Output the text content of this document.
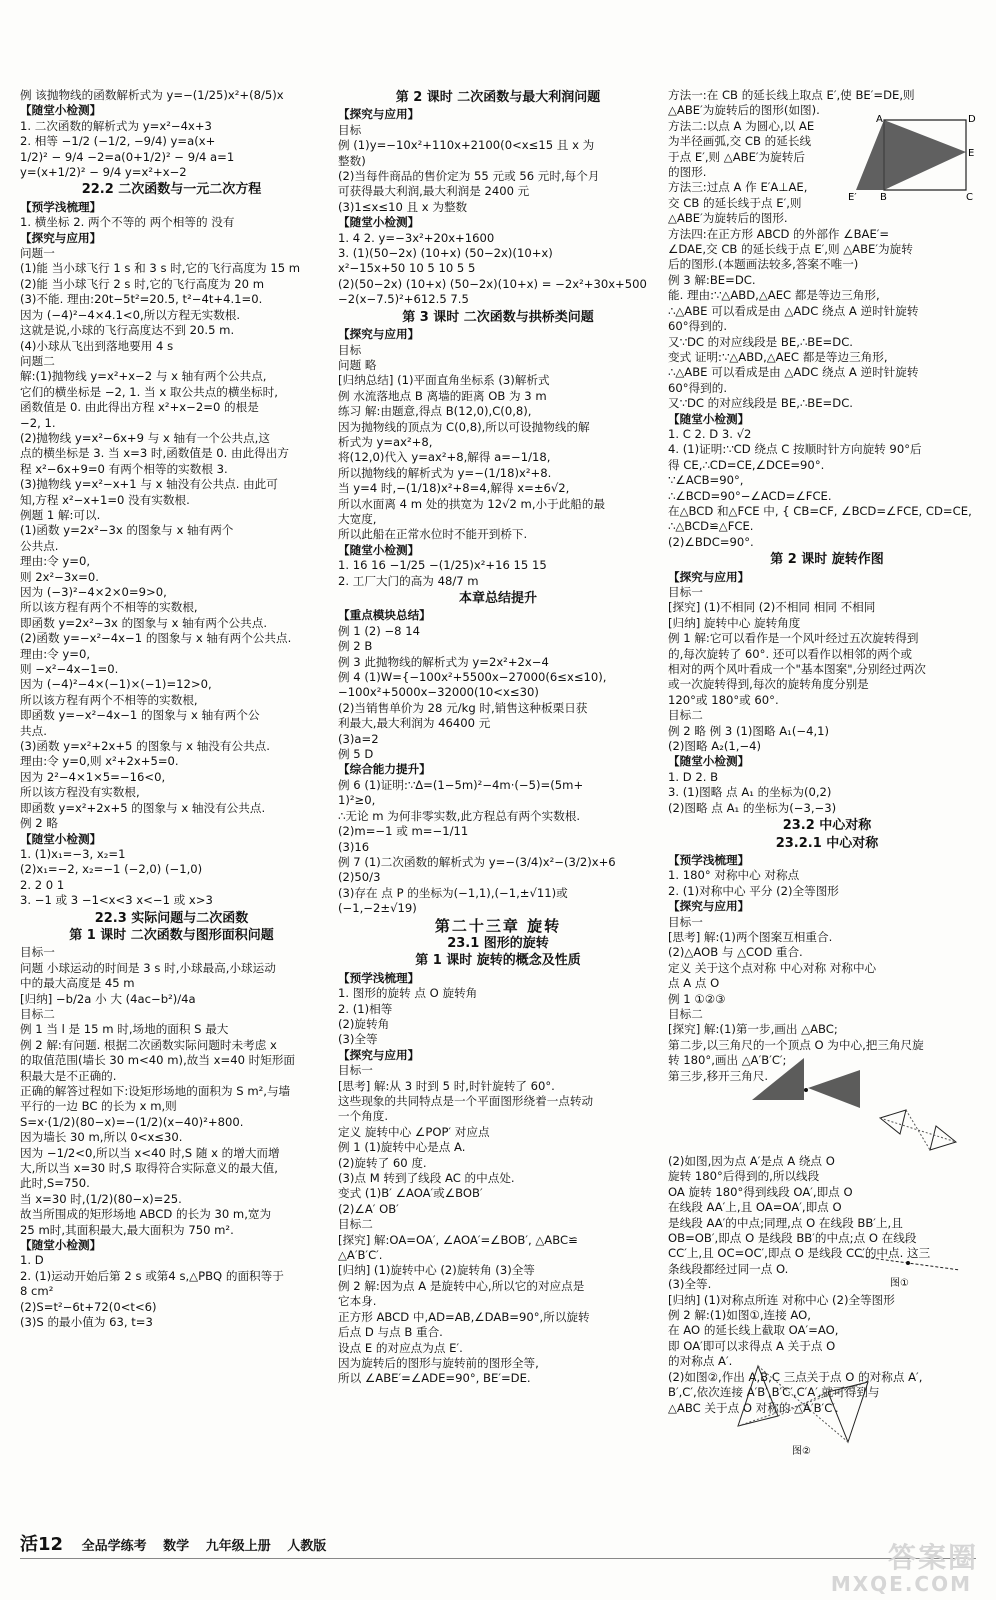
例 该抛物线的函数解析式为 y=−(1/25)x²+(8/5)x
【随堂小检测】
1. 二次函数的解析式为 y=x²−4x+3
2. 相等 −1/2 (−1/2, −9/4) y=a(x+
1/2)² − 9/4 −2=a(0+1/2)² − 9/4 a=1
y=(x+1/2)² − 9/4 y=x²+x−2
22.2 二次函数与一元二次方程
【预学浅梳理】
1. 横坐标 2. 两个不等的 两个相等的 没有
【探究与应用】
问题一
(1)能 当小球飞行 1 s 和 3 s 时,它的飞行高度为 15 m
(2)能 当小球飞行 2 s 时,它的飞行高度为 20 m
(3)不能. 理由:20t−5t²=20.5, t²−4t+4.1=0.
因为 (−4)²−4×4.1<0,所以方程无实数根.
这就是说,小球的飞行高度达不到 20.5 m.
(4)小球从飞出到落地要用 4 s
问题二
解:(1)抛物线 y=x²+x−2 与 x 轴有两个公共点,
它们的横坐标是 −2, 1. 当 x 取公共点的横坐标时,
函数值是 0. 由此得出方程 x²+x−2=0 的根是
−2, 1.
(2)抛物线 y=x²−6x+9 与 x 轴有一个公共点,这
点的横坐标是 3. 当 x=3 时,函数值是 0. 由此得出方
程 x²−6x+9=0 有两个相等的实数根 3.
(3)抛物线 y=x²−x+1 与 x 轴没有公共点. 由此可
知,方程 x²−x+1=0 没有实数根.
例题 1 解:可以.
(1)函数 y=2x²−3x 的图象与 x 轴有两个
公共点.
理由:令 y=0,
则 2x²−3x=0.
因为 (−3)²−4×2×0=9>0,
所以该方程有两个不相等的实数根,
即函数 y=2x²−3x 的图象与 x 轴有两个公共点.
(2)函数 y=−x²−4x−1 的图象与 x 轴有两个公共点.
理由:令 y=0,
则 −x²−4x−1=0.
因为 (−4)²−4×(−1)×(−1)=12>0,
所以该方程有两个不相等的实数根,
即函数 y=−x²−4x−1 的图象与 x 轴有两个公
共点.
(3)函数 y=x²+2x+5 的图象与 x 轴没有公共点.
理由:令 y=0,则 x²+2x+5=0.
因为 2²−4×1×5=−16<0,
所以该方程没有实数根,
即函数 y=x²+2x+5 的图象与 x 轴没有公共点.
例 2 略
【随堂小检测】
1. (1)x₁=−3, x₂=1
(2)x₁=−2, x₂=−1 (−2,0) (−1,0)
2. 2 0 1
3. −1 或 3 −1<x<3 x<−1 或 x>3
22.3 实际问题与二次函数
第 1 课时 二次函数与图形面积问题
目标一
问题 小球运动的时间是 3 s 时,小球最高,小球运动
中的最大高度是 45 m
[归纳] −b/2a 小 大 (4ac−b²)/4a
目标二
例 1 当 l 是 15 m 时,场地的面积 S 最大
例 2 解:有问题. 根据二次函数实际问题时未考虑 x
的取值范围(墙长 30 m<40 m),故当 x=40 时矩形面
积最大是不正确的.
正确的解答过程如下:设矩形场地的面积为 S m²,与墙
平行的一边 BC 的长为 x m,则
S=x·(1/2)(80−x)=−(1/2)(x−40)²+800.
因为墙长 30 m,所以 0<x≤30.
因为 −1/2<0,所以当 x<40 时,S 随 x 的增大而增
大,所以当 x=30 时,S 取得符合实际意义的最大值,
此时,S=750.
当 x=30 时,(1/2)(80−x)=25.
故当所围成的矩形场地 ABCD 的长为 30 m,宽为
25 m时,其面积最大,最大面积为 750 m².
【随堂小检测】
1. D
2. (1)运动开始后第 2 s 或第4 s,△PBQ 的面积等于
8 cm²
(2)S=t²−6t+72(0<t<6)
(3)S 的最小值为 63, t=3
第 2 课时 二次函数与最大利润问题
【探究与应用】
目标
例 (1)y=−10x²+110x+2100(0<x≤15 且 x 为
整数)
(2)当每件商品的售价定为 55 元或 56 元时,每个月
可获得最大利润,最大利润是 2400 元
(3)1≤x≤10 且 x 为整数
【随堂小检测】
1. 4 2. y=−3x²+20x+1600
3. (1)(50−2x) (10+x) (50−2x)(10+x)
x²−15x+50 10 5 10 5 5
(2)(50−2x) (10+x) (50−2x)(10+x) = −2x²+30x+500
−2(x−7.5)²+612.5 7.5
第 3 课时 二次函数与拱桥类问题
【探究与应用】
目标
问题 略
[归纳总结] (1)平面直角坐标系 (3)解析式
例 水流落地点 B 离墙的距离 OB 为 3 m
练习 解:由题意,得点 B(12,0),C(0,8),
因为抛物线的顶点为 C(0,8),所以可设抛物线的解
析式为 y=ax²+8,
将(12,0)代入 y=ax²+8,解得 a=−1/18,
所以抛物线的解析式为 y=−(1/18)x²+8.
当 y=4 时,−(1/18)x²+8=4,解得 x=±6√2,
所以水面离 4 m 处的拱宽为 12√2 m,小于此船的最
大宽度,
所以此船在正常水位时不能开到桥下.
【随堂小检测】
1. 16 16 −1/25 −(1/25)x²+16 15 15
2. 工厂大门的高为 48/7 m
本章总结提升
【重点模块总结】
例 1 (2) −8 14
例 2 B
例 3 此抛物线的解析式为 y=2x²+2x−4
例 4 (1)W={−100x²+5500x−27000(6≤x≤10),
−100x²+5000x−32000(10<x≤30)
(2)当销售单价为 28 元/kg 时,销售这种板栗日获
利最大,最大利润为 46400 元
(3)a=2
例 5 D
【综合能力提升】
例 6 (1)证明:∵Δ=(1−5m)²−4m·(−5)=(5m+
1)²≥0,
∴无论 m 为何非零实数,此方程总有两个实数根.
(2)m=−1 或 m=−1/11
(3)16
例 7 (1)二次函数的解析式为 y=−(3/4)x²−(3/2)x+6
(2)50/3
(3)存在 点 P 的坐标为(−1,1),(−1,±√11)或
(−1,−2±√19)
第二十三章 旋转
23.1 图形的旋转
第 1 课时 旋转的概念及性质
【预学浅梳理】
1. 图形的旋转 点 O 旋转角
2. (1)相等
(2)旋转角
(3)全等
【探究与应用】
目标一
[思考] 解:从 3 时到 5 时,时针旋转了 60°.
这些现象的共同特点是一个平面图形绕着一点转动
一个角度.
定义 旋转中心 ∠POP′ 对应点
例 1 (1)旋转中心是点 A.
(2)旋转了 60 度.
(3)点 M 转到了线段 AC 的中点处.
变式 (1)B′ ∠AOA′或∠BOB′
(2)∠A′ OB′
目标二
[探究] 解:OA=OA′, ∠AOA′=∠BOB′, △ABC≌
△A′B′C′.
[归纳] (1)旋转中心 (2)旋转角 (3)全等
例 2 解:因为点 A 是旋转中心,所以它的对应点是
它本身.
正方形 ABCD 中,AD=AB,∠DAB=90°,所以旋转
后点 D 与点 B 重合.
设点 E 的对应点为点 E′.
因为旋转后的图形与旋转前的图形全等,
所以 ∠ABE′=∠ADE=90°, BE′=DE.
方法一:在 CB 的延长线上取点 E′,使 BE′=DE,则
△ABE′为旋转后的图形(如图).
方法二:以点 A 为圆心,以 AE
为半径画弧,交 CB 的延长线
于点 E′,则 △ABE′为旋转后
的图形.
方法三:过点 A 作 E′A⊥AE,
交 CB 的延长线于点 E′,则
△ABE′为旋转后的图形.
方法四:在正方形 ABCD 的外部作 ∠BAE′=
∠DAE,交 CB 的延长线于点 E′,则 △ABE′为旋转
后的图形.(本题画法较多,答案不唯一)
例 3 解:BE=DC.
能. 理由:∵△ABD,△AEC 都是等边三角形,
∴△ABE 可以看成是由 △ADC 绕点 A 逆时针旋转
60°得到的.
又∵DC 的对应线段是 BE,∴BE=DC.
变式 证明:∵△ABD,△AEC 都是等边三角形,
∴△ABE 可以看成是由 △ADC 绕点 A 逆时针旋转
60°得到的.
又∵DC 的对应线段是 BE,∴BE=DC.
【随堂小检测】
1. C 2. D 3. √2
4. (1)证明:∵CD 绕点 C 按顺时针方向旋转 90°后
得 CE,∴CD=CE,∠DCE=90°.
∵∠ACB=90°,
∴∠BCD=90°−∠ACD=∠FCE.
在△BCD 和△FCE 中, { CB=CF, ∠BCD=∠FCE, CD=CE,
∴△BCD≌△FCE.
(2)∠BDC=90°.
第 2 课时 旋转作图
【探究与应用】
目标一
[探究] (1)不相同 (2)不相同 相同 不相同
[归纳] 旋转中心 旋转角度
例 1 解:它可以看作是一个风叶经过五次旋转得到
的,每次旋转了 60°. 还可以看作以相邻的两个或
相对的两个风叶看成一个"基本图案",分别经过两次
或一次旋转得到,每次的旋转角度分别是
120°或 180°或 60°.
目标二
例 2 略 例 3 (1)图略 A₁(−4,1)
(2)图略 A₂(1,−4)
【随堂小检测】
1. D 2. B
3. (1)图略 点 A₁ 的坐标为(0,2)
(2)图略 点 A₁ 的坐标为(−3,−3)
23.2 中心对称
23.2.1 中心对称
【预学浅梳理】
1. 180° 对称中心 对称点
2. (1)对称中心 平分 (2)全等图形
【探究与应用】
目标一
[思考] 解:(1)两个图案互相重合.
(2)△AOB 与 △COD 重合.
定义 关于这个点对称 中心对称 对称中心
点 A 点 O
例 1 ①②③
目标二
[探究] 解:(1)第一步,画出 △ABC;
第二步,以三角尺的一个顶点 O 为中心,把三角尺旋
转 180°,画出 △A′B′C′;
第三步,移开三角尺.
(2)如图,因为点 A′是点 A 绕点 O
旋转 180°后得到的,所以线段
OA 旋转 180°得到线段 OA′,即点 O
在线段 AA′上,且 OA=OA′,即点 O
是线段 AA′的中点;同理,点 O 在线段 BB′上,且
OB=OB′,即点 O 是线段 BB′的中点;点 O 在线段
CC′上,且 OC=OC′,即点 O 是线段 CC′的中点. 这三
条线段都经过同一点 O.
(3)全等.
[归纳] (1)对称点所连 对称中心 (2)全等图形
例 2 解:(1)如图①,连接 AO,
在 AO 的延长线上截取 OA′=AO,
即 OA′即可以求得点 A 关于点 O
的对称点 A′.
(2)如图②,作出 A,B,C 三点关于点 O 的对称点 A′,
B′,C′,依次连接 A′B′,B′C′,C′A′,就可得到与
△ABC 关于点 O 对称的 △A′B′C′.
A	D
E
E′ B	C
图①
图②
活12 全品学练考 数学 九年级上册 人教版	答案圈
MXQE.COM
